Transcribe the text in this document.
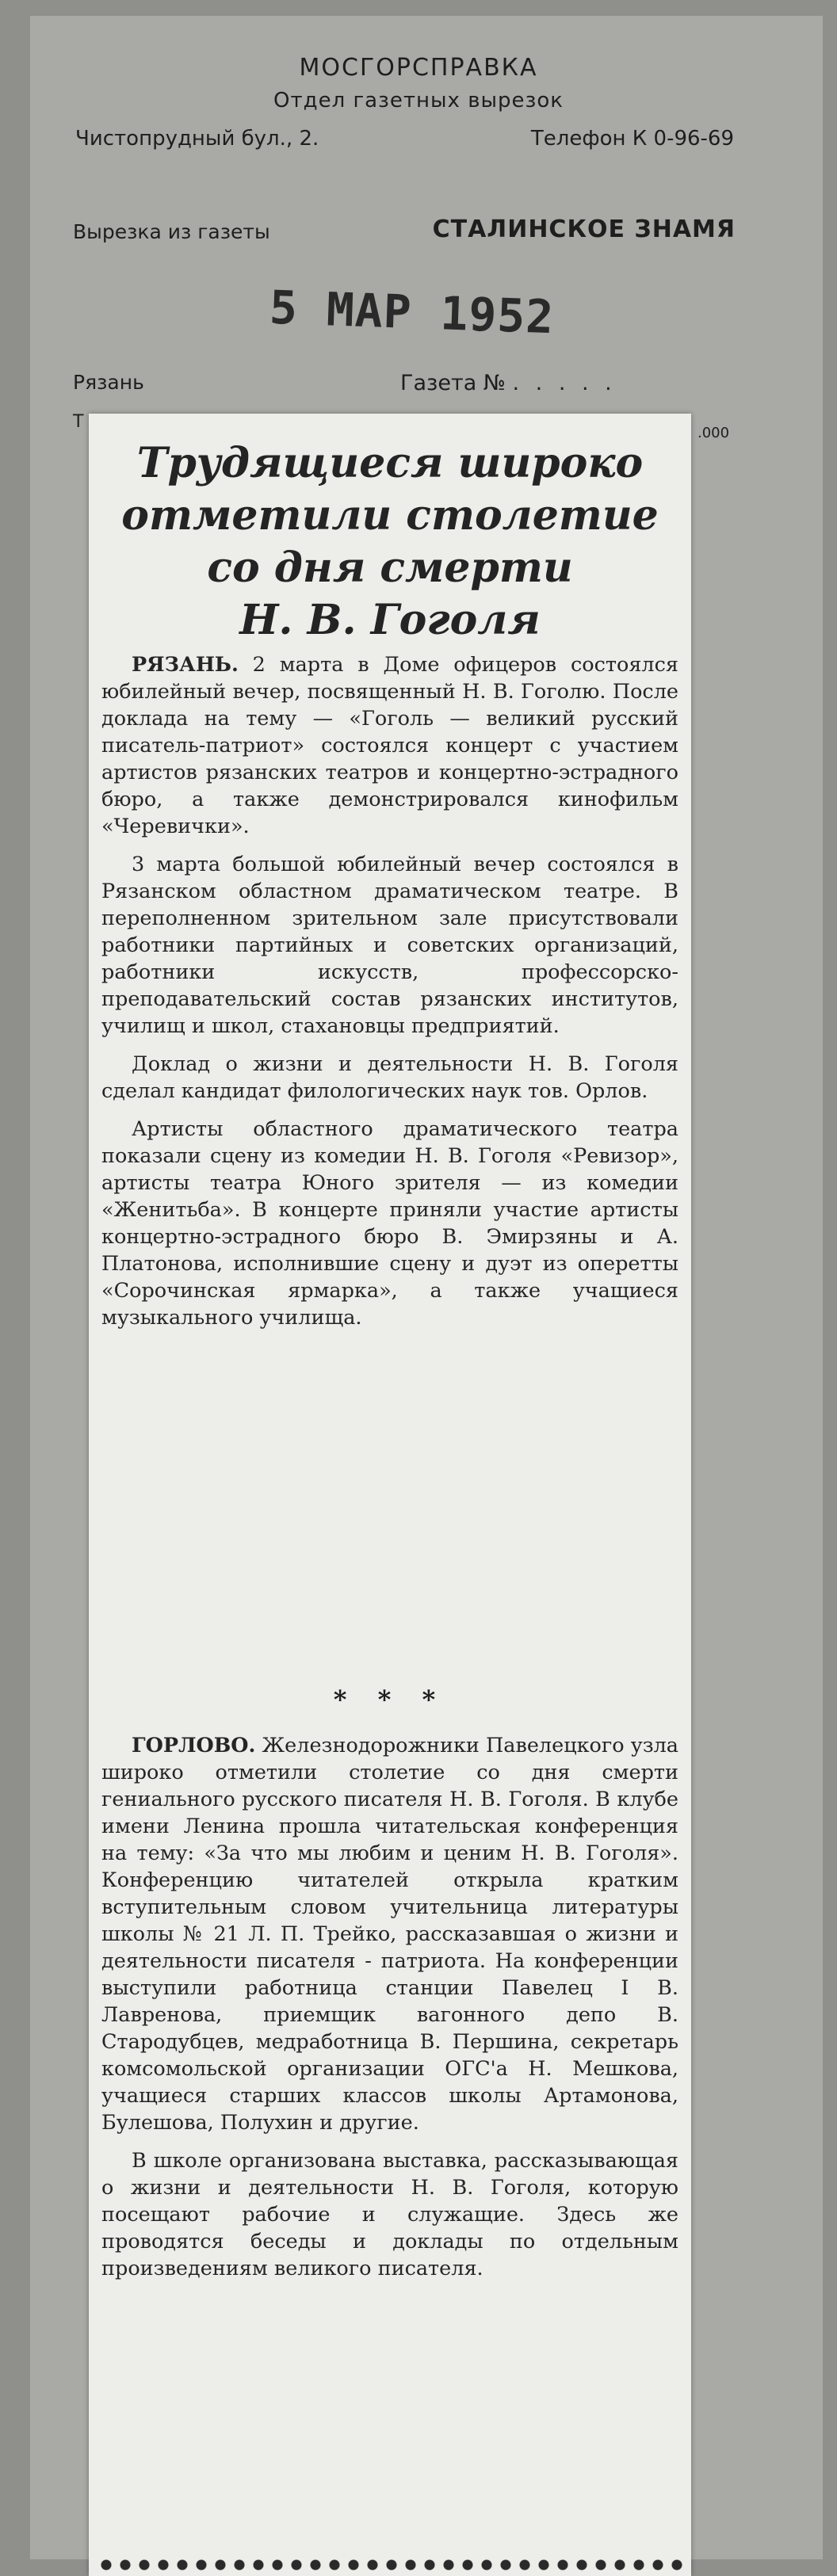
МОСГОРСПРАВКА
Отдел газетных вырезок
Чистопрудный бул., 2.	Телефон К 0-96-69
Вырезка из газеты	СТАЛИНСКОЕ ЗНАМЯ
5 МАР 1952
Рязань	Газета № . . . . .
Т
.000
Трудящиеся широко
отметили столетие
со дня смерти
Н. В. Гоголя

РЯЗАНЬ. 2 марта в Доме офицеров состоялся юбилейный вечер, посвященный Н. В. Гоголю. После доклада на тему — «Гоголь — великий русский писатель-патриот» состоялся концерт с участием артистов рязанских театров и концертно-эстрадного бюро, а также демонстрировался кинофильм «Черевички».

3 марта большой юбилейный вечер состоялся в Рязанском областном драматическом театре. В переполненном зрительном зале присутствовали работники партийных и советских организаций, работники искусств, профессорско-преподавательский состав рязанских институтов, училищ и школ, стахановцы предприятий.

Доклад о жизни и деятельности Н. В. Гоголя сделал кандидат филологических наук тов. Орлов.

Артисты областного драматического театра показали сцену из комедии Н. В. Гоголя «Ревизор», артисты театра Юного зрителя — из комедии «Женитьба». В концерте приняли участие артисты концертно-эстрадного бюро В. Эмирзяны и А. Платонова, исполнившие сцену и дуэт из оперетты «Сорочинская ярмарка», а также учащиеся музыкального училища.

* * *

ГОРЛОВО. Железнодорожники Павелецкого узла широко отметили столетие со дня смерти гениального русского писателя Н. В. Гоголя. В клубе имени Ленина прошла читательская конференция на тему: «За что мы любим и ценим Н. В. Гоголя». Конференцию читателей открыла кратким вступительным словом учительница литературы школы № 21 Л. П. Трейко, рассказавшая о жизни и деятельности писателя - патриота. На конференции выступили работница станции Павелец I В. Лавренова, приемщик вагонного депо В. Стародубцев, медработница В. Першина, секретарь комсомольской организации ОГС'а Н. Мешкова, учащиеся старших классов школы Артамонова, Булешова, Полухин и другие.

В школе организована выставка, рассказывающая о жизни и деятельности Н. В. Гоголя, которую посещают рабочие и служащие. Здесь же проводятся беседы и доклады по отдельным произведениям великого писателя.
